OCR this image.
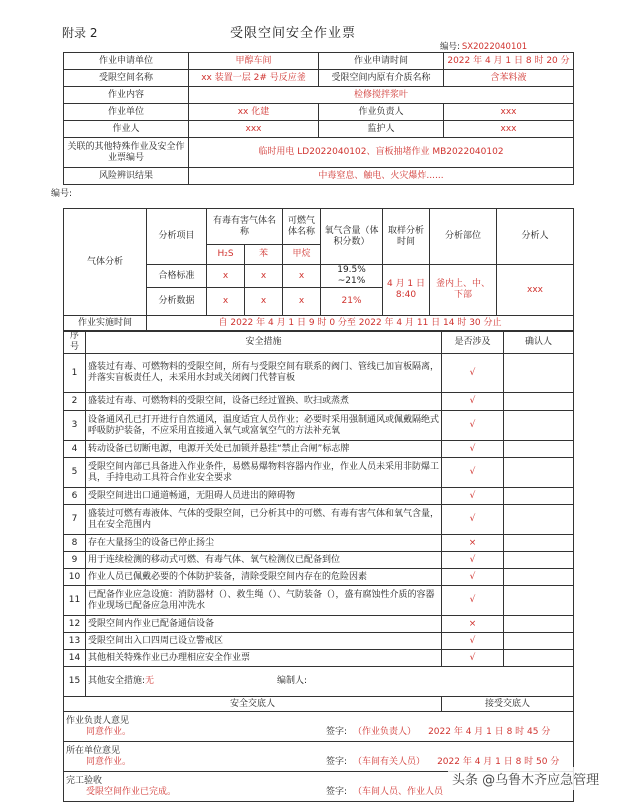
附录 2	受限空间安全作业票
编号: SX2022040101
作业申请单位	甲醇车间	作业申请时间	2022 年 4 月 1 日 8 时 20 分
受限空间名称	xx 装置一层 2# 号反应釜	受限空间内原有介质名称	含苯料液
作业内容	检修搅拌浆叶		
作业单位	xx 化建	作业负责人	xxx
作业人	xxx	监护人	xxx
关联的其他特殊作业及安全作业票编号	临时用电 LD2022040102、盲板抽堵作业 MB2022040102		
风险辨识结果	中毒窒息、触电、火灾爆炸......		
编号:
气体分析	分析项目	有毒有害气体名称		可燃气体名称	氧气含量（体积分数）	取样分析时间	分析部位	分析人
		H₂S	苯	甲烷				
	合格标准	x	x	x	19.5% ~21%	4 月 1 日 8:40	釜内上、中、下部	xxx
	分析数据	x	x	x	21%			
作业实施时间	自 2022 年 4 月 1 日 9 时 0 分至 2022 年 4 月 11 日 14 时 30 分止							
序号	安全措施	是否涉及	确认人
1	盛装过有毒、可燃物料的受限空间，所有与受限空间有联系的阀门、管线已加盲板隔离，并落实盲板责任人，未采用水封或关闭阀门代替盲板	√	
2	盛装过有毒、可燃物料的受限空间，设备已经过置换、吹扫或蒸煮	√	
3	设备通风孔已打开进行自然通风，温度适宜人员作业；必要时采用强制通风或佩戴隔绝式呼吸防护装备，不应采用直接通入氧气或富氧空气的方法补充氧	√	
4	转动设备已切断电源，电源开关处已加锁并悬挂“禁止合闸”标志牌	√	
5	受限空间内部已具备进入作业条件，易燃易爆物料容器内作业，作业人员未采用非防爆工具，手持电动工具符合作业安全要求	√	
6	受限空间进出口通道畅通，无阻碍人员进出的障碍物	√	
7	盛装过可燃有毒液体、气体的受限空间，已分析其中的可燃、有毒有害气体和氧气含量，且在安全范围内	√	
8	存在大量扬尘的设备已停止扬尘	×	
9	用于连续检测的移动式可燃、有毒气体、氧气检测仪已配备到位	√	
10	作业人员已佩戴必要的个体防护装备，清除受限空间内存在的危险因素	√	
11	已配备作业应急设施：消防器材（）、救生绳（）、气防装备（），盛有腐蚀性介质的容器作业现场已配备应急用冲洗水	√	
12	受限空间内作业已配备通信设备	×	
13	受限空间出入口四周已设立警戒区	√	
14	其他相关特殊作业已办理相应安全作业票	√	
15	其他安全措施:无 编制人:		
安全交底人		接受交底人	

作业负责人意见
同意作业。 签字: （作业负责人） 2022 年 4 月 1 日 8 时 45 分			

所在单位意见
同意作业。 签字: （车间有关人员） 2022 年 4 月 1 日 8 时 50 分			

完工验收
受限空间作业已完成。 签字: （车间人员、作业人员			
头条 @乌鲁木齐应急管理
